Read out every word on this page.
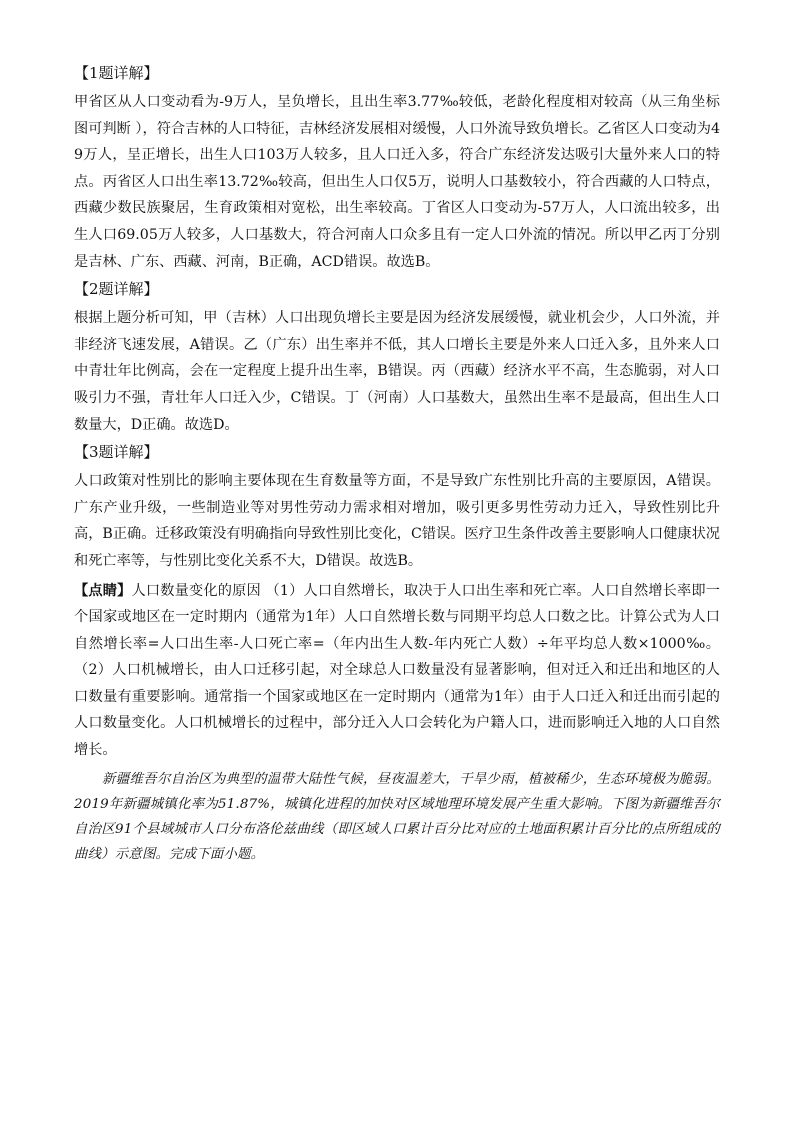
【1题详解】

甲省区从人口变动看为-9万人，呈负增长，且出生率3.77‰较低，老龄化程度相对较高（从三角坐标图可判断 ），符合吉林的人口特征，吉林经济发展相对缓慢，人口外流导致负增长。乙省区人口变动为49万人，呈正增长，出生人口103万人较多，且人口迁入多，符合广东经济发达吸引大量外来人口的特点。丙省区人口出生率13.72‰较高，但出生人口仅5万，说明人口基数较小，符合西藏的人口特点，西藏少数民族聚居，生育政策相对宽松，出生率较高。丁省区人口变动为-57万人，人口流出较多，出生人口69.05万人较多，人口基数大，符合河南人口众多且有一定人口外流的情况。所以甲乙丙丁分别是吉林、广东、西藏、河南，B正确，ACD错误。故选B。

【2题详解】

根据上题分析可知，甲（吉林）人口出现负增长主要是因为经济发展缓慢，就业机会少，人口外流，并非经济飞速发展，A错误。乙（广东）出生率并不低，其人口增长主要是外来人口迁入多，且外来人口中青壮年比例高，会在一定程度上提升出生率，B错误。丙（西藏）经济水平不高，生态脆弱，对人口吸引力不强，青壮年人口迁入少，C错误。丁（河南）人口基数大，虽然出生率不是最高，但出生人口数量大，D正确。故选D。

【3题详解】

人口政策对性别比的影响主要体现在生育数量等方面，不是导致广东性别比升高的主要原因，A错误。广东产业升级，一些制造业等对男性劳动力需求相对增加，吸引更多男性劳动力迁入，导致性别比升高，B正确。迁移政策没有明确指向导致性别比变化，C错误。医疗卫生条件改善主要影响人口健康状况和死亡率等，与性别比变化关系不大，D错误。故选B。

【点睛】人口数量变化的原因 （1）人口自然增长，取决于人口出生率和死亡率。人口自然增长率即一个国家或地区在一定时期内（通常为1年）人口自然增长数与同期平均总人口数之比。计算公式为人口自然增长率=人口出生率-人口死亡率=（年内出生人数-年内死亡人数）÷年平均总人数×1000‰。（2）人口机械增长，由人口迁移引起，对全球总人口数量没有显著影响，但对迁入和迁出和地区的人口数量有重要影响。通常指一个国家或地区在一定时期内（通常为1年）由于人口迁入和迁出而引起的人口数量变化。人口机械增长的过程中，部分迁入人口会转化为户籍人口，进而影响迁入地的人口自然增长。

新疆维吾尔自治区为典型的温带大陆性气候，昼夜温差大，干旱少雨，植被稀少，生态环境极为脆弱。2019年新疆城镇化率为51.87%，城镇化进程的加快对区域地理环境发展产生重大影响。下图为新疆维吾尔自治区91个县域城市人口分布洛伦兹曲线（即区域人口累计百分比对应的土地面积累计百分比的点所组成的曲线）示意图。完成下面小题。
